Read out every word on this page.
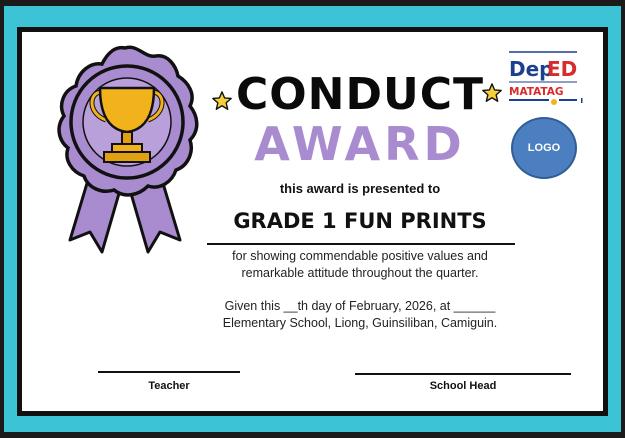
CONDUCT
AWARD
this award is presented to
GRADE 1 FUN PRINTS
for showing commendable positive values and
remarkable attitude throughout the quarter.
Given this __th day of February, 2026, at ______
Elementary School, Liong, Guinsiliban, Camiguin.
Teacher	School Head
Dep
ED
MATATAG
LOGO
